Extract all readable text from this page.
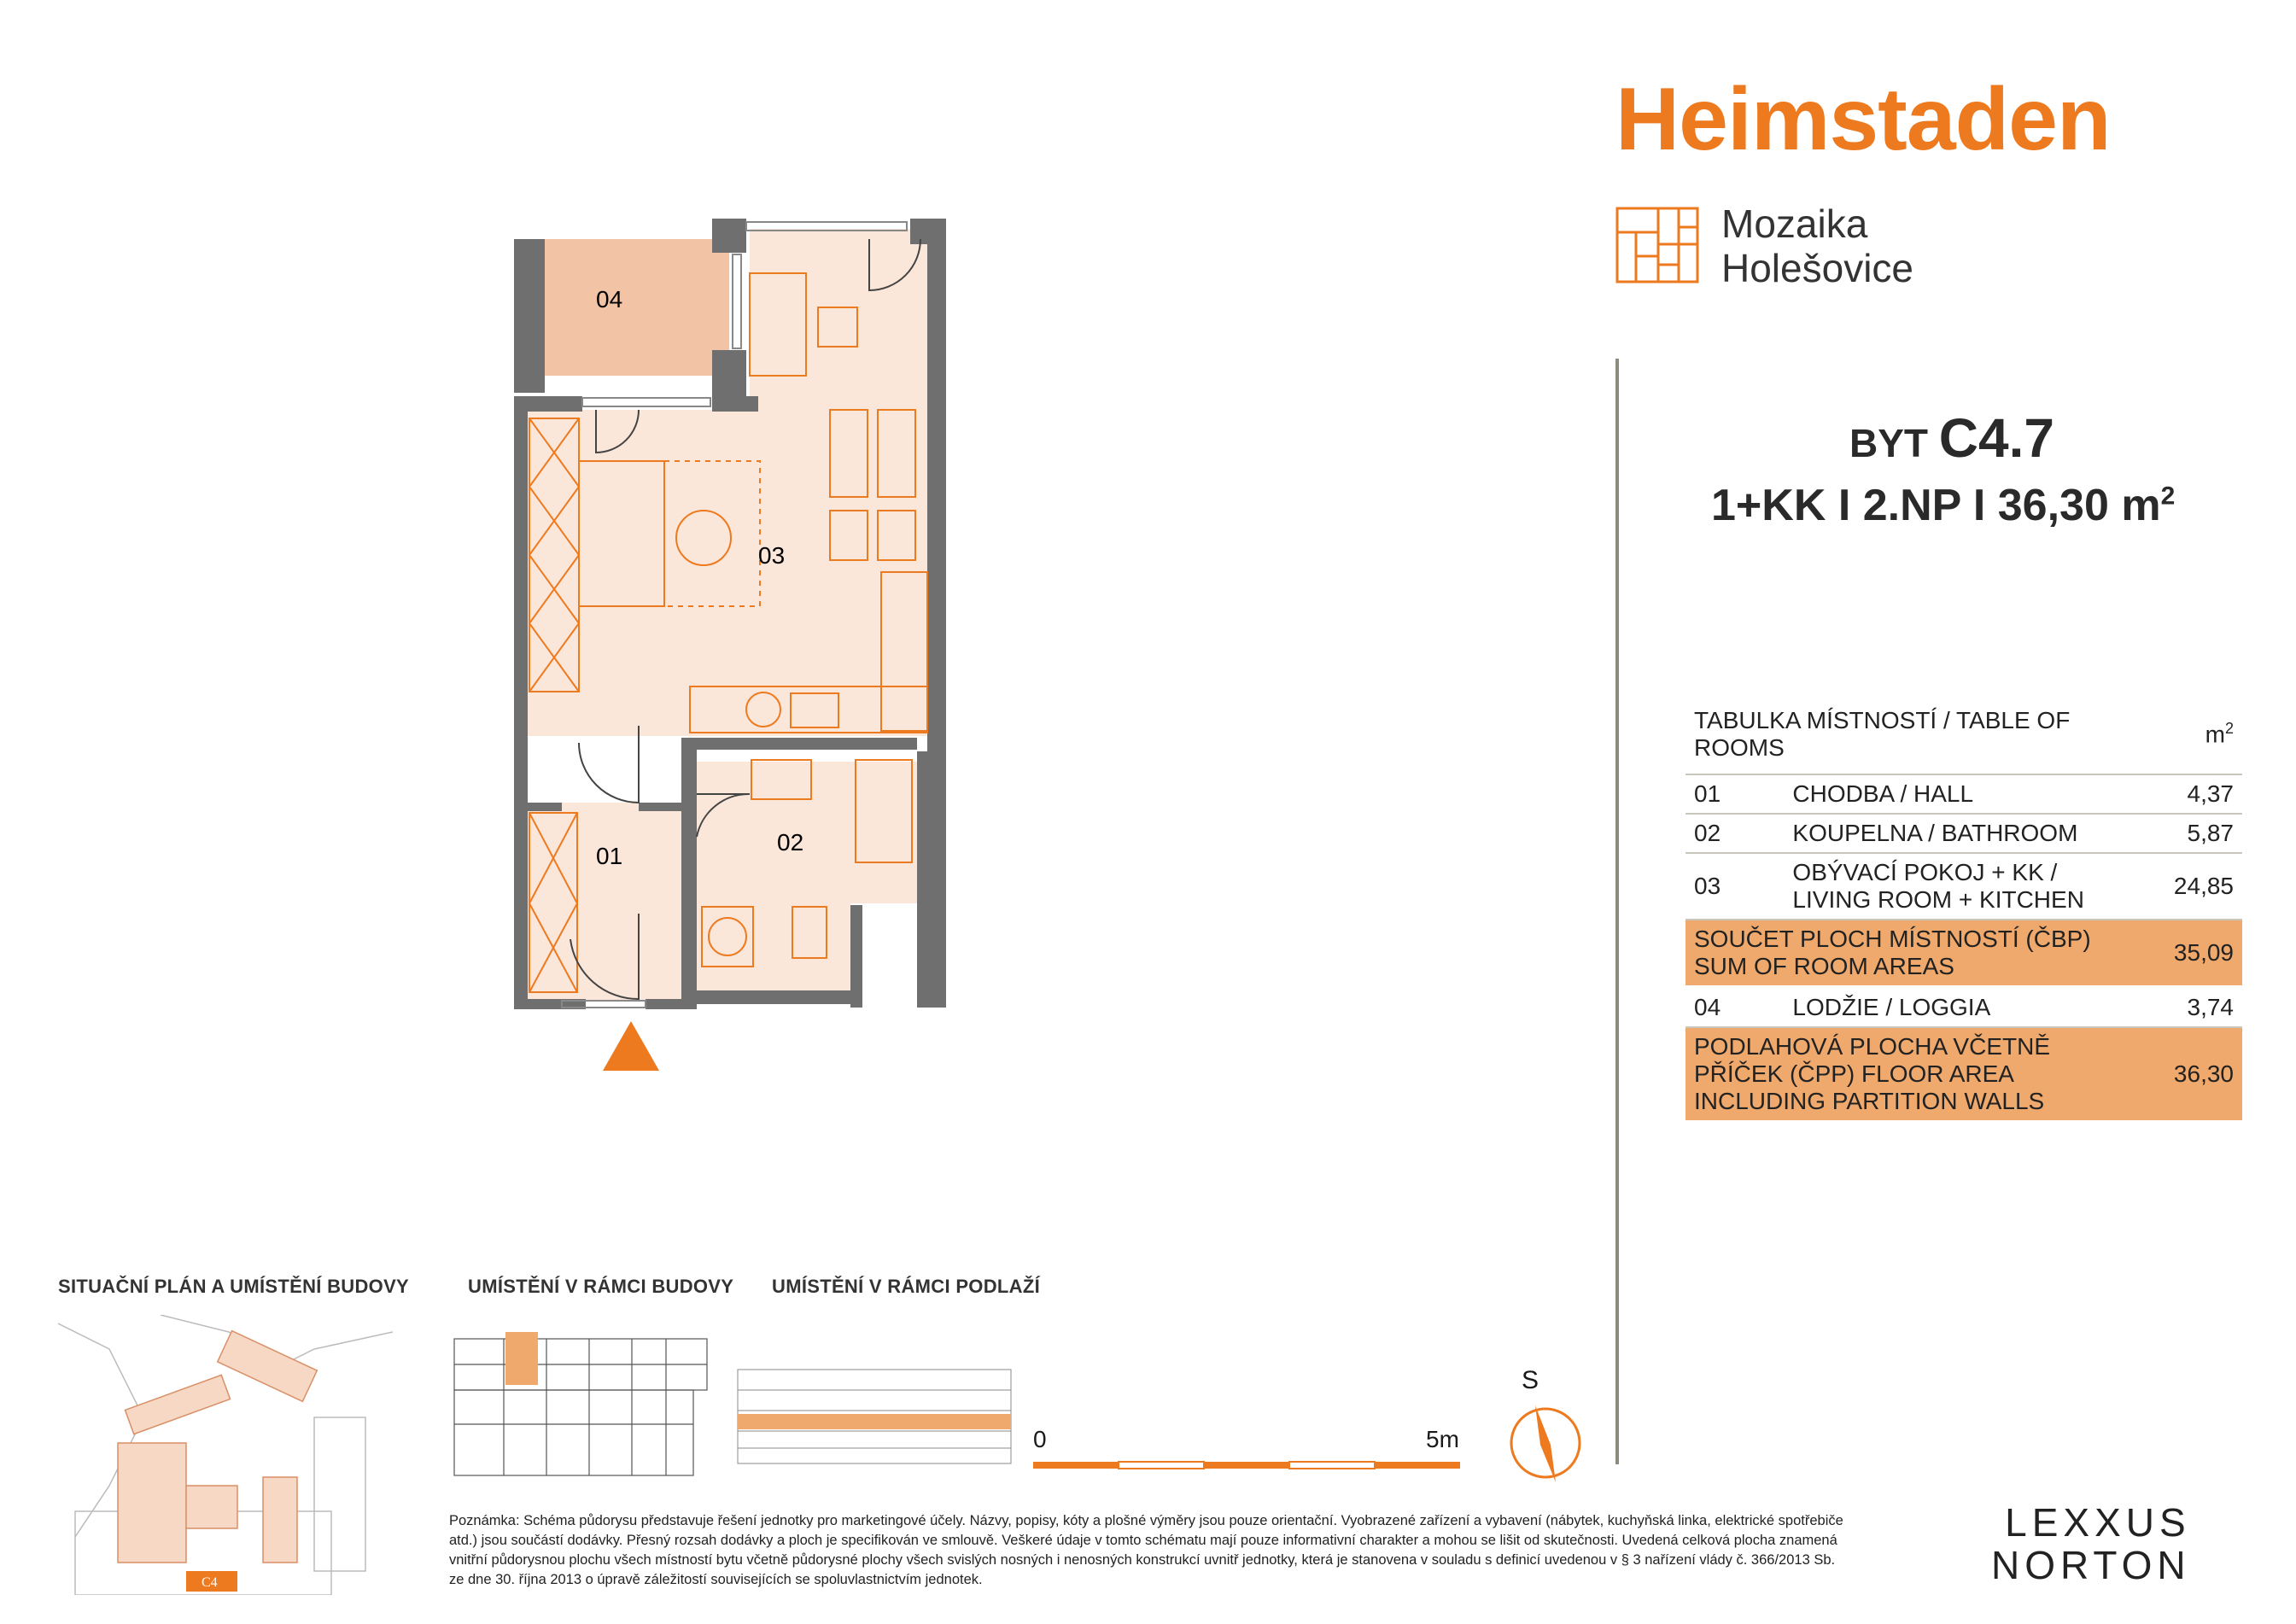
Heimstaden
Mozaika
Holešovice
BYT C4.7
1+KK I 2.NP I 36,30 $m^2$
TABULKA MÍSTNOSTÍ / TABLE OF ROOMS		$m^2$
01	CHODBA / HALL	4,37
02	KOUPELNA / BATHROOM	5,87
03	OBÝVACÍ POKOJ + KK / LIVING ROOM + KITCHEN	24,85
SOUČET PLOCH MÍSTNOSTÍ (ČBP) SUM OF ROOM AREAS		35,09
04	LODŽIE / LOGGIA	3,74
PODLAHOVÁ PLOCHA VČETNĚ PŘÍČEK (ČPP) FLOOR AREA INCLUDING PARTITION WALLS		36,30
04
03
01
02
SITUAČNÍ PLÁN A UMÍSTĚNÍ BUDOVY	UMÍSTĚNÍ V RÁMCI BUDOVY UMÍSTĚNÍ V RÁMCI PODLAŽÍ
C4
0	5m
S
Poznámka: Schéma půdorysu představuje řešení jednotky pro marketingové účely. Názvy, popisy, kóty a plošné výměry jsou pouze orientační. Vyobrazené zařízení a vybavení (nábytek, kuchyňská linka, elektrické spotřebiče atd.) jsou součástí dodávky. Přesný rozsah dodávky a ploch je specifikován ve smlouvě. Veškeré údaje v tomto schématu mají pouze informativní charakter a mohou se lišit od skutečnosti. Uvedená celková plocha znamená vnitřní půdorysnou plochu všech místností bytu včetně půdorysné plochy všech svislých nosných i nenosných konstrukcí uvnitř jednotky, která je stanovena v souladu s definicí uvedenou v § 3 nařízení vlády č. 366/2013 Sb. ze dne 30. října 2013 o úpravě záležitostí souvisejících se spoluvlastnictvím jednotek.
LEXXUS
NORTON
